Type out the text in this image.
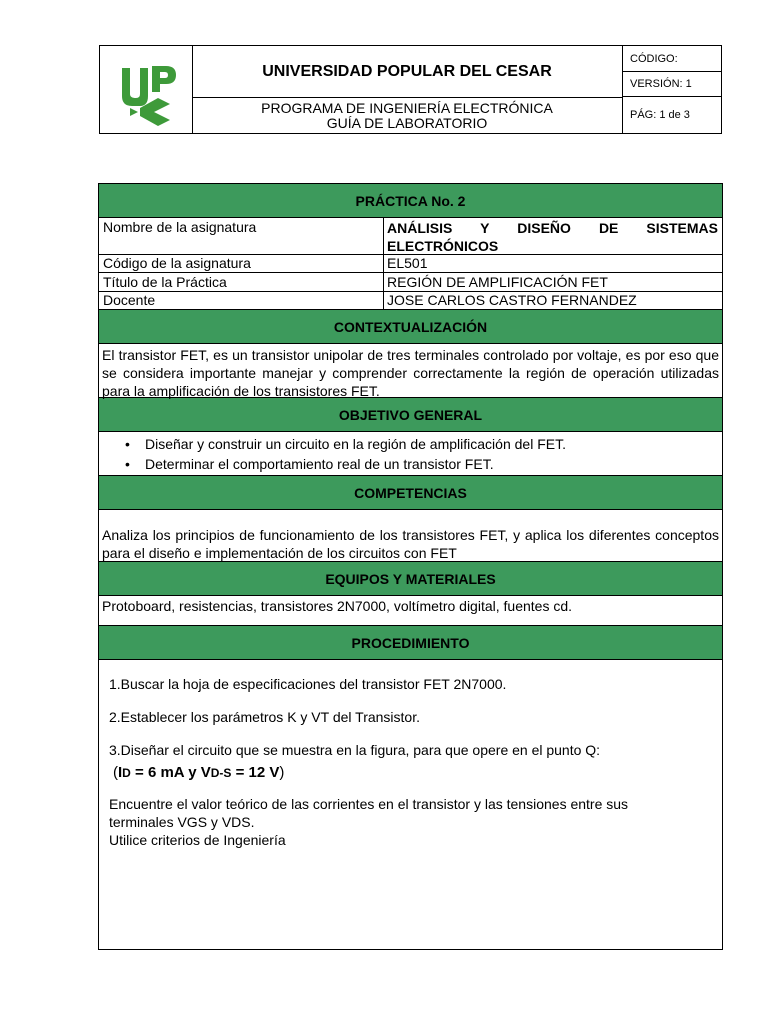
UNIVERSIDAD POPULAR DEL CESAR
PROGRAMA DE INGENIERÍA ELECTRÓNICA
GUÍA DE LABORATORIO
CÓDIGO:
VERSIÓN: 1
PÁG: 1 de 3
PRÁCTICA No. 2
Nombre de la asignatura	ANÁLISIS Y DISEÑO DE SISTEMAS ELECTRÓNICOS
Código de la asignatura	EL501
Título de la Práctica	REGIÓN DE AMPLIFICACIÓN FET
Docente	JOSE CARLOS CASTRO FERNANDEZ
CONTEXTUALIZACIÓN
El transistor FET, es un transistor unipolar de tres terminales controlado por voltaje, es por eso que se considera importante manejar y comprender correctamente la región de operación utilizadas para la amplificación de los transistores FET.
OBJETIVO GENERAL
• Diseñar y construir un circuito en la región de amplificación del FET.
• Determinar el comportamiento real de un transistor FET.
COMPETENCIAS
Analiza los principios de funcionamiento de los transistores FET, y aplica los diferentes conceptos para el diseño e implementación de los circuitos con FET
EQUIPOS Y MATERIALES
Protoboard, resistencias, transistores 2N7000, voltímetro digital, fuentes cd.
PROCEDIMIENTO

1.Buscar la hoja de especificaciones del transistor FET 2N7000.

2.Establecer los parámetros K y VT del Transistor.

3.Diseñar el circuito que se muestra en la figura, para que opere en el punto Q:

(ID = 6 mA y VD-S = 12 V)

Encuentre el valor teórico de las corrientes en el transistor y las tensiones entre sus terminales VGS y VDS.

Utilice criterios de Ingeniería
